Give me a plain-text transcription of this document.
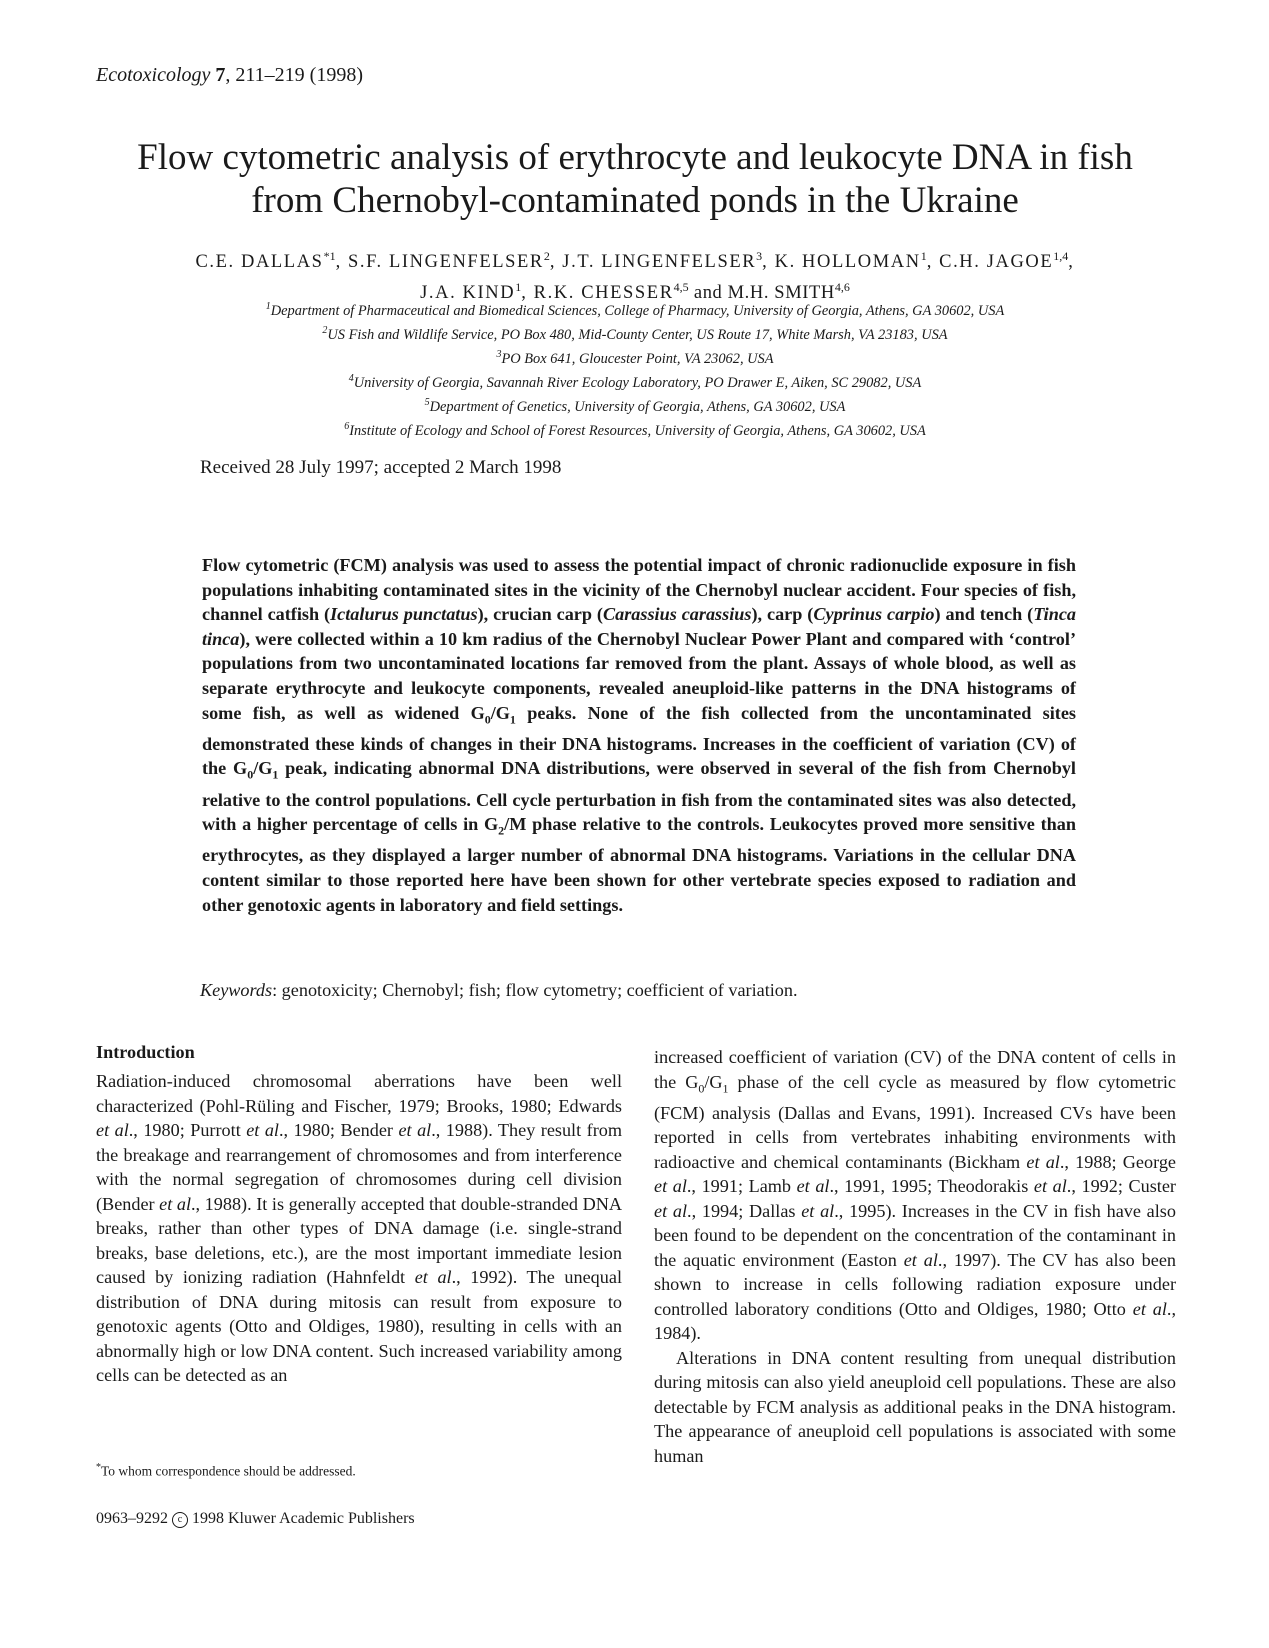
Ecotoxicology 7, 211–219 (1998)
Flow cytometric analysis of erythrocyte and leukocyte DNA in fish
from Chernobyl-contaminated ponds in the Ukraine
C.E. DALLAS$^{*1}$, S.F. LINGENFELSER$^2$, J.T. LINGENFELSER$^3$, K. HOLLOMAN$^1$, C.H. JAGOE$^{1,4}$,
J.A. KIND$^1$, R.K. CHESSER$^{4,5}$ and M.H. SMITH$^{4,6}$
$^1$Department of Pharmaceutical and Biomedical Sciences, College of Pharmacy, University of Georgia, Athens, GA 30602, USA
$^2$US Fish and Wildlife Service, PO Box 480, Mid-County Center, US Route 17, White Marsh, VA 23183, USA
$^3$PO Box 641, Gloucester Point, VA 23062, USA
$^4$University of Georgia, Savannah River Ecology Laboratory, PO Drawer E, Aiken, SC 29082, USA
$^5$Department of Genetics, University of Georgia, Athens, GA 30602, USA
$^6$Institute of Ecology and School of Forest Resources, University of Georgia, Athens, GA 30602, USA
Received 28 July 1997; accepted 2 March 1998
Flow cytometric (FCM) analysis was used to assess the potential impact of chronic radionuclide exposure in fish populations inhabiting contaminated sites in the vicinity of the Chernobyl nuclear accident. Four species of fish, channel catfish (Ictalurus punctatus), crucian carp (Carassius carassius), carp (Cyprinus carpio) and tench (Tinca tinca), were collected within a 10 km radius of the Chernobyl Nuclear Power Plant and compared with ‘control’ populations from two uncontaminated locations far removed from the plant. Assays of whole blood, as well as separate erythrocyte and leukocyte components, revealed aneuploid-like patterns in the DNA histograms of some fish, as well as widened $G_0/G_1$ peaks. None of the fish collected from the uncontaminated sites demonstrated these kinds of changes in their DNA histograms. Increases in the coefficient of variation (CV) of the $G_0/G_1$ peak, indicating abnormal DNA distributions, were observed in several of the fish from Chernobyl relative to the control populations. Cell cycle perturbation in fish from the contaminated sites was also detected, with a higher percentage of cells in $G_2/M$ phase relative to the controls. Leukocytes proved more sensitive than erythrocytes, as they displayed a larger number of abnormal DNA histograms. Variations in the cellular DNA content similar to those reported here have been shown for other vertebrate species exposed to radiation and other genotoxic agents in laboratory and field settings.
Keywords: genotoxicity; Chernobyl; fish; flow cytometry; coefficient of variation.
Introduction
Radiation-induced chromosomal aberrations have been well characterized (Pohl-Rüling and Fischer, 1979; Brooks, 1980; Edwards et al., 1980; Purrott et al., 1980; Bender et al., 1988). They result from the breakage and rearrangement of chromosomes and from interference with the normal segregation of chromosomes during cell division (Bender et al., 1988). It is generally accepted that double-stranded DNA breaks, rather than other types of DNA damage (i.e. single-strand breaks, base deletions, etc.), are the most important immediate lesion caused by ionizing radiation (Hahnfeldt et al., 1992). The unequal distribution of DNA during mitosis can result from exposure to genotoxic agents (Otto and Oldiges, 1980), resulting in cells with an abnormally high or low DNA content. Such increased variability among cells can be detected as an
increased coefficient of variation (CV) of the DNA content of cells in the $G_0/G_1$ phase of the cell cycle as measured by flow cytometric (FCM) analysis (Dallas and Evans, 1991). Increased CVs have been reported in cells from vertebrates inhabiting environments with radioactive and chemical contaminants (Bickham et al., 1988; George et al., 1991; Lamb et al., 1991, 1995; Theodorakis et al., 1992; Custer et al., 1994; Dallas et al., 1995). Increases in the CV in fish have also been found to be dependent on the concentration of the contaminant in the aquatic environment (Easton et al., 1997). The CV has also been shown to increase in cells following radiation exposure under controlled laboratory conditions (Otto and Oldiges, 1980; Otto et al., 1984).
Alterations in DNA content resulting from unequal distribution during mitosis can also yield aneuploid cell populations. These are also detectable by FCM analysis as additional peaks in the DNA histogram. The appearance of aneuploid cell populations is associated with some human
*To whom correspondence should be addressed.
0963–9292 c 1998 Kluwer Academic Publishers
